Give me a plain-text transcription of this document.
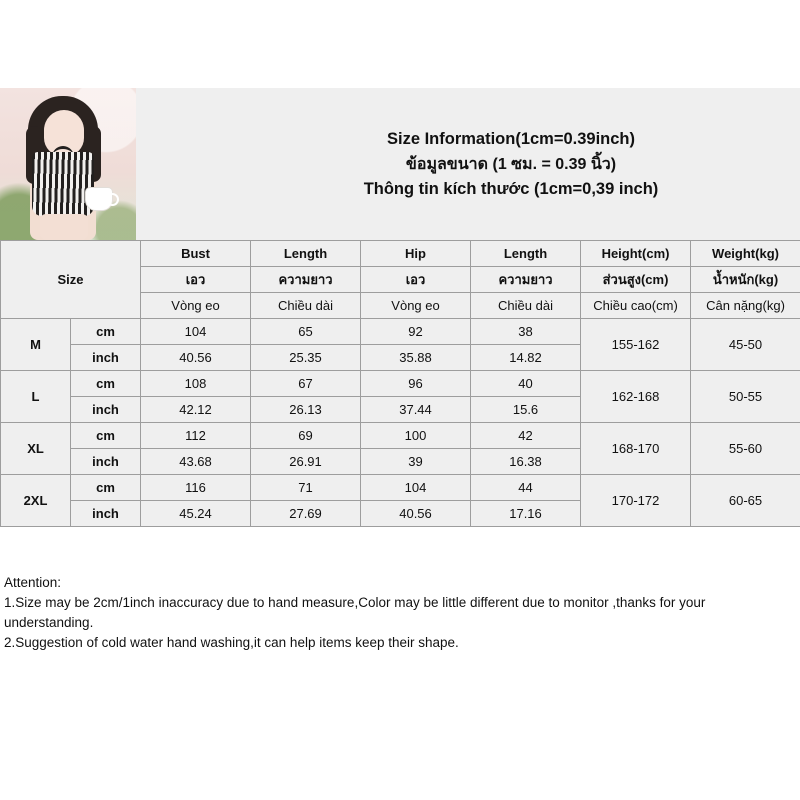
Size Information(1cm=0.39inch)
ข้อมูลขนาด (1 ซม. = 0.39 นิ้ว)
Thông tin kích thước (1cm=0,39 inch)
Size		Bust	Length	Hip	Length	Height(cm)	Weight(kg)
		เอว	ความยาว	เอว	ความยาว	ส่วนสูง(cm)	น้ำหนัก(kg)
		Vòng eo	Chiều dài	Vòng eo	Chiều dài	Chiều cao(cm)	Cân nặng(kg)
M	cm	104	65	92	38	155-162	45-50
	inch	40.56	25.35	35.88	14.82		
L	cm	108	67	96	40	162-168	50-55
	inch	42.12	26.13	37.44	15.6		
XL	cm	112	69	100	42	168-170	55-60
	inch	43.68	26.91	39	16.38		
2XL	cm	116	71	104	44	170-172	60-65
	inch	45.24	27.69	40.56	17.16		
Attention:
1.Size may be 2cm/1inch inaccuracy due to hand measure,Color may be little different due to monitor ,thanks for your
understanding.
2.Suggestion of cold water hand washing,it can help items keep their shape.
